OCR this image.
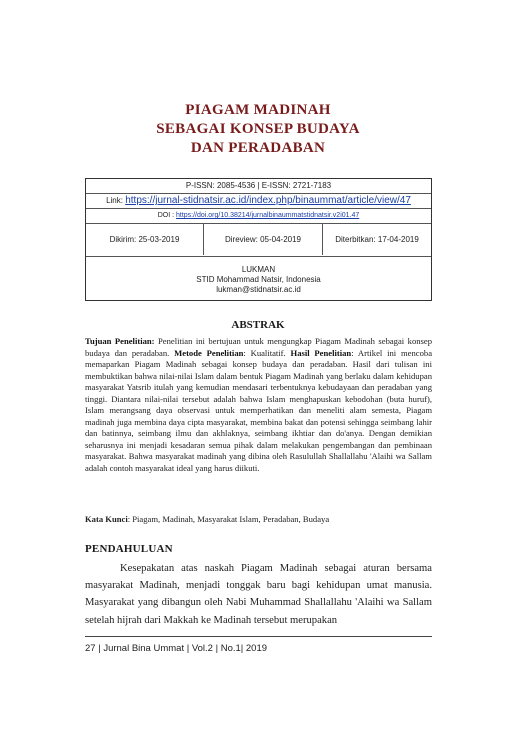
PIAGAM MADINAH
SEBAGAI KONSEP BUDAYA
DAN PERADABAN
P-ISSN: 2085-4536 | E-ISSN: 2721-7183
Link: https://jurnal-stidnatsir.ac.id/index.php/binaummat/article/view/47
DOI : https://doi.org/10.38214/jurnalbinaummatstidnatsir.v2i01.47
Dikirim: 25-03-2019	Direview: 05-04-2019	Diterbitkan: 17-04-2019
LUKMAN
STID Mohammad Natsir, Indonesia
lukman@stidnatsir.ac.id
ABSTRAK
Tujuan Penelitian: Penelitian ini bertujuan untuk mengungkap Piagam Madinah sebagai konsep budaya dan peradaban. Metode Penelitian: Kualitatif. Hasil Penelitian: Artikel ini mencoba memaparkan Piagam Madinah sebagai konsep budaya dan peradaban. Hasil dari tulisan ini membuktikan bahwa nilai-nilai Islam dalam bentuk Piagam Madinah yang berlaku dalam kehidupan masyarakat Yatsrib itulah yang kemudian mendasari terbentuknya kebudayaan dan peradaban yang tinggi. Diantara nilai-nilai tersebut adalah bahwa Islam menghapuskan kebodohan (buta huruf), Islam merangsang daya observasi untuk memperhatikan dan meneliti alam semesta, Piagam madinah juga membina daya cipta masyarakat, membina bakat dan potensi sehingga seimbang lahir dan batinnya, seimbang ilmu dan akhlaknya, seimbang ikhtiar dan do'anya. Dengan demikian seharusnya ini menjadi kesadaran semua pihak dalam melakukan pengembangan dan pembinaan masyarakat. Bahwa masyarakat madinah yang dibina oleh Rasulullah Shallallahu 'Alaihi wa Sallam adalah contoh masyarakat ideal yang harus diikuti.
Kata Kunci: Piagam, Madinah, Masyarakat Islam, Peradaban, Budaya
PENDAHULUAN
Kesepakatan atas naskah Piagam Madinah sebagai aturan bersama masyarakat Madinah, menjadi tonggak baru bagi kehidupan umat manusia. Masyarakat yang dibangun oleh Nabi Muhammad Shallallahu 'Alaihi wa Sallam setelah hijrah dari Makkah ke Madinah tersebut merupakan
27 | Jurnal Bina Ummat | Vol.2 | No.1| 2019
